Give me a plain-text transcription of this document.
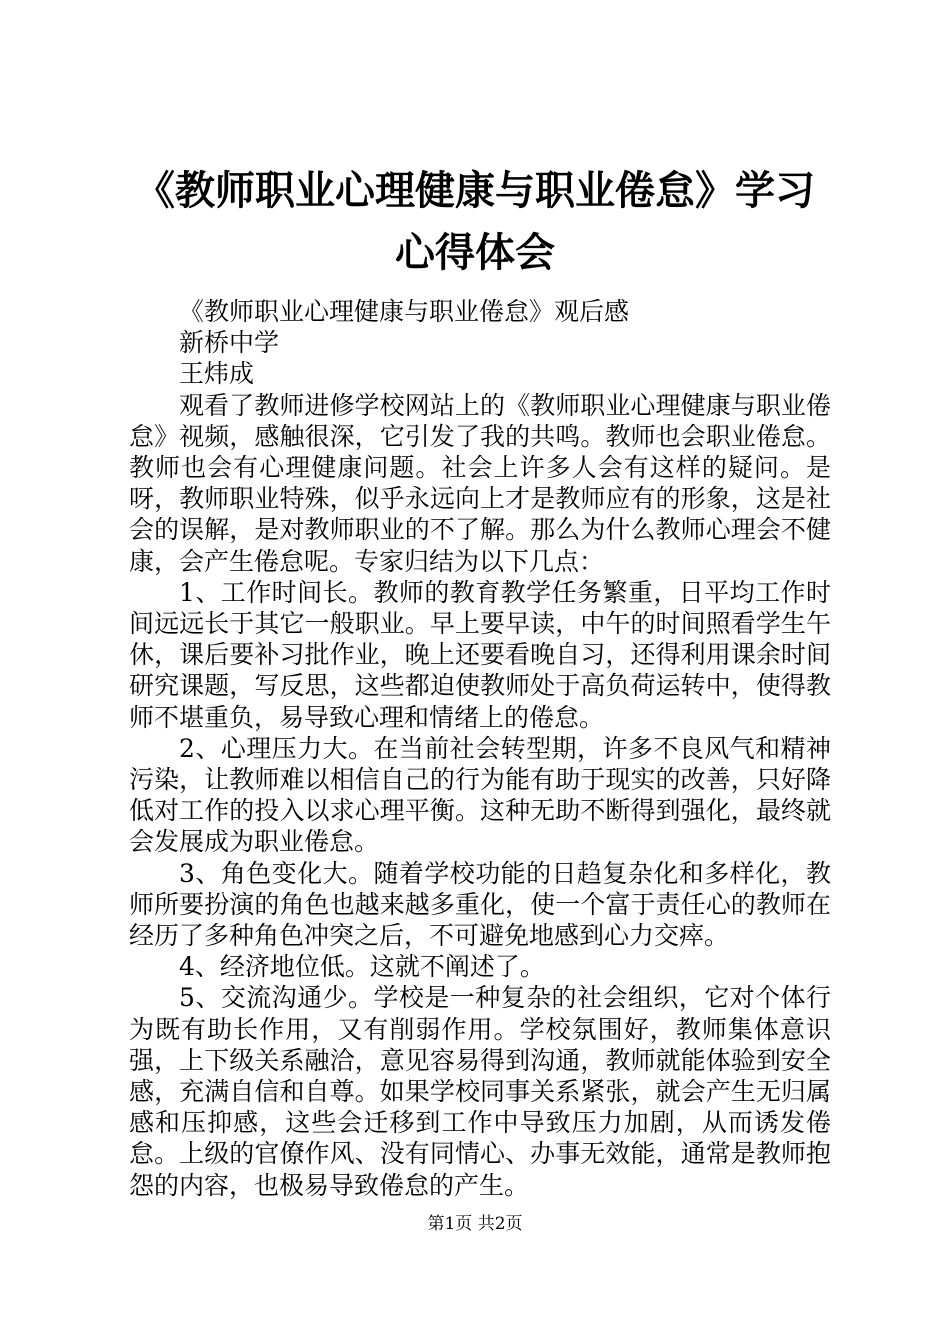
《教师职业心理健康与职业倦怠》学习心得体会

《教师职业心理健康与职业倦怠》观后感

新桥中学

王炜成

观看了教师进修学校网站上的《教师职业心理健康与职业倦怠》视频，感触很深，它引发了我的共鸣。教师也会职业倦怠。教师也会有心理健康问题。社会上许多人会有这样的疑问。是呀，教师职业特殊，似乎永远向上才是教师应有的形象，这是社会的误解，是对教师职业的不了解。那么为什么教师心理会不健康，会产生倦怠呢。专家归结为以下几点：

1、工作时间长。教师的教育教学任务繁重，日平均工作时间远远长于其它一般职业。早上要早读，中午的时间照看学生午休，课后要补习批作业，晚上还要看晚自习，还得利用课余时间研究课题，写反思，这些都迫使教师处于高负荷运转中，使得教师不堪重负，易导致心理和情绪上的倦怠。

2、心理压力大。在当前社会转型期，许多不良风气和精神污染，让教师难以相信自己的行为能有助于现实的改善，只好降低对工作的投入以求心理平衡。这种无助不断得到强化，最终就会发展成为职业倦怠。

3、角色变化大。随着学校功能的日趋复杂化和多样化，教师所要扮演的角色也越来越多重化，使一个富于责任心的教师在经历了多种角色冲突之后，不可避免地感到心力交瘁。

4、经济地位低。这就不阐述了。

5、交流沟通少。学校是一种复杂的社会组织，它对个体行为既有助长作用，又有削弱作用。学校氛围好，教师集体意识强，上下级关系融洽，意见容易得到沟通，教师就能体验到安全感，充满自信和自尊。如果学校同事关系紧张，就会产生无归属感和压抑感，这些会迁移到工作中导致压力加剧，从而诱发倦怠。上级的官僚作风、没有同情心、办事无效能，通常是教师抱怨的内容，也极易导致倦怠的产生。

第1页 共2页
